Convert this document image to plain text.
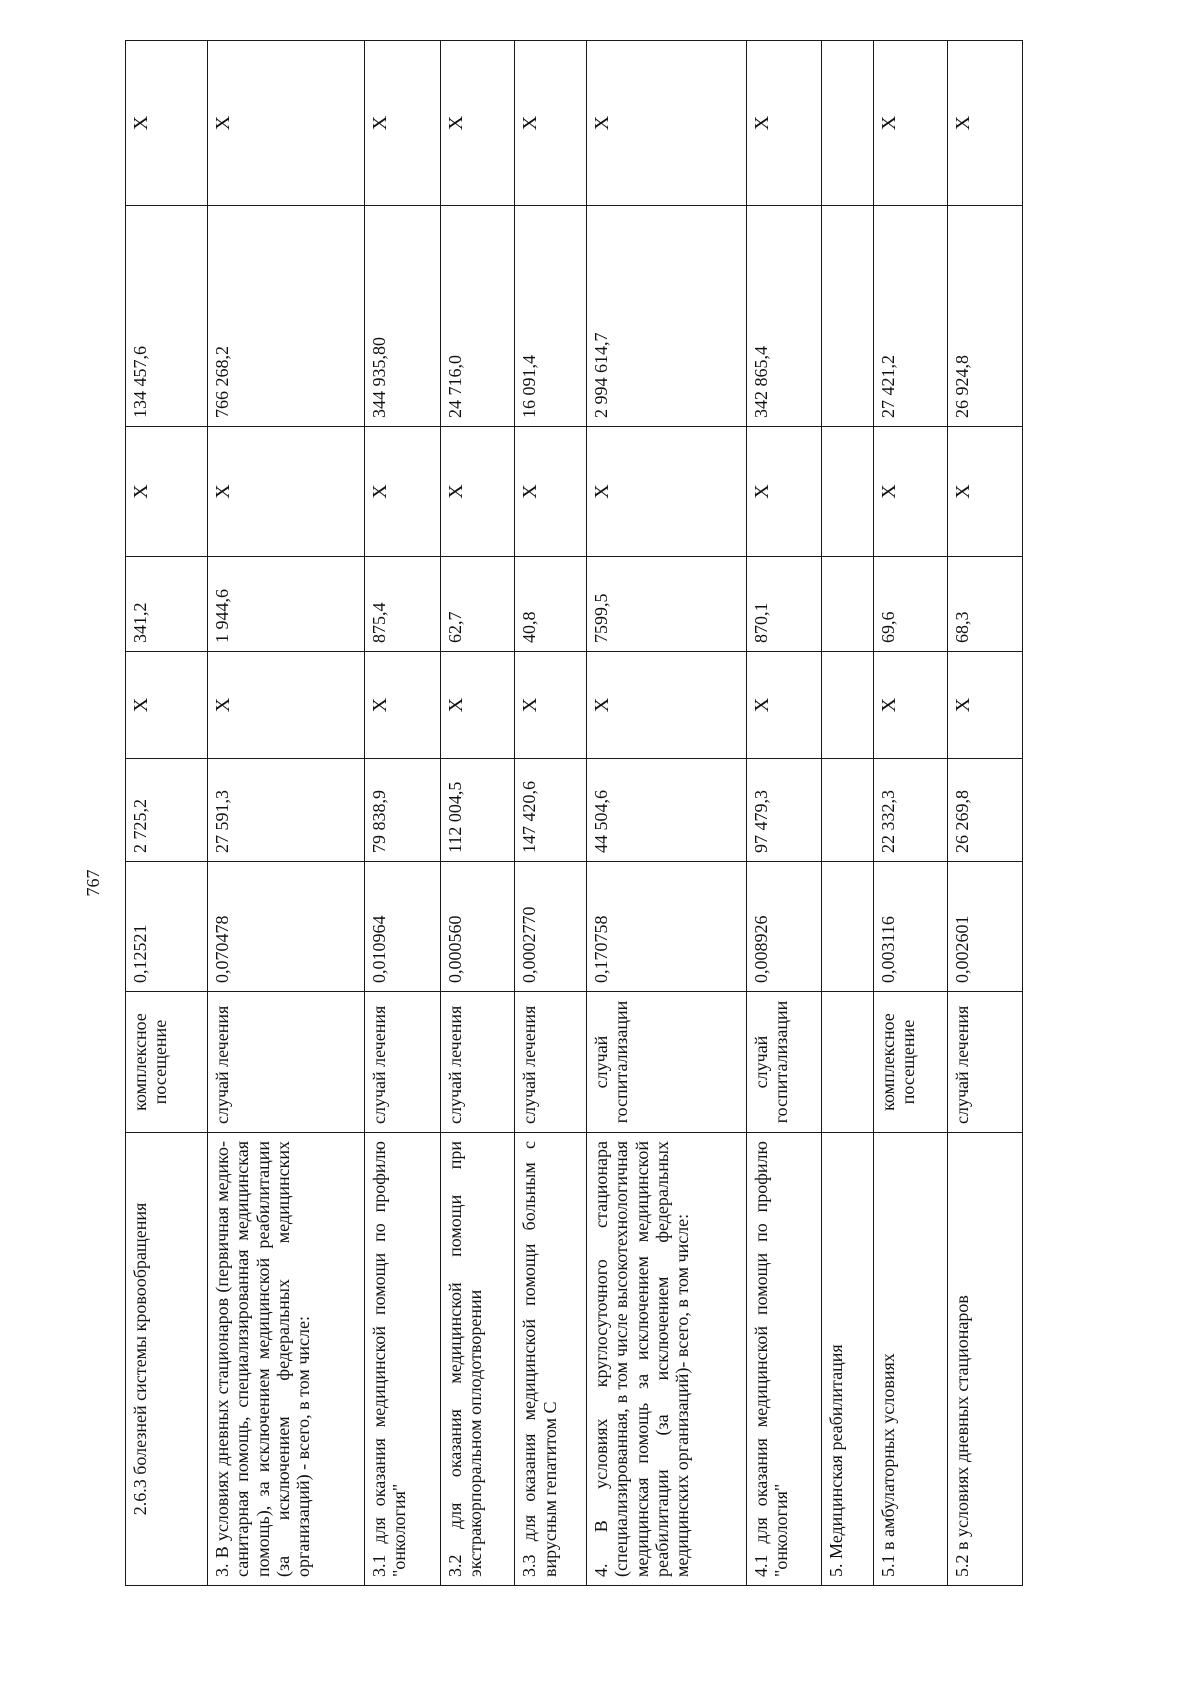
767
2.6.3 болезней системы кровообращения	комплексное посещение	0,12521	2 725,2	Х	341,2	Х	134 457,6	Х
3. В условиях дневных стационаров (первичная медико-санитарная помощь, специализированная медицинская помощь), за исключением медицинской реабилитации (за исключением федеральных медицинских организаций) - всего, в том числе:	случай лечения	0,070478	27 591,3	Х	1 944,6	Х	766 268,2	Х
3.1 для оказания медицинской помощи по профилю "онкология"	случай лечения	0,010964	79 838,9	Х	875,4	Х	344 935,80	Х
3.2 для оказания медицинской помощи при экстракорпоральном оплодотворении	случай лечения	0,000560	112 004,5	Х	62,7	Х	24 716,0	Х
3.3 для оказания медицинской помощи больным с вирусным гепатитом С	случай лечения	0,0002770	147 420,6	Х	40,8	Х	16 091,4	Х
4. В условиях круглосуточного стационара (специализированная, в том числе высокотехнологичная медицинская помощь за исключением медицинской реабилитации (за исключением федеральных медицинских организаций)- всего, в том числе:	случай госпитализации	0,170758	44 504,6	Х	7599,5	Х	2 994 614,7	Х
4.1 для оказания медицинской помощи по профилю "онкология"	случай госпитализации	0,008926	97 479,3	Х	870,1	Х	342 865,4	Х
5. Медицинская реабилитация								
5.1 в амбулаторных условиях	комплексное посещение	0,003116	22 332,3	Х	69,6	Х	27 421,2	Х
5.2 в условиях дневных стационаров	случай лечения	0,002601	26 269,8	Х	68,3	Х	26 924,8	Х
